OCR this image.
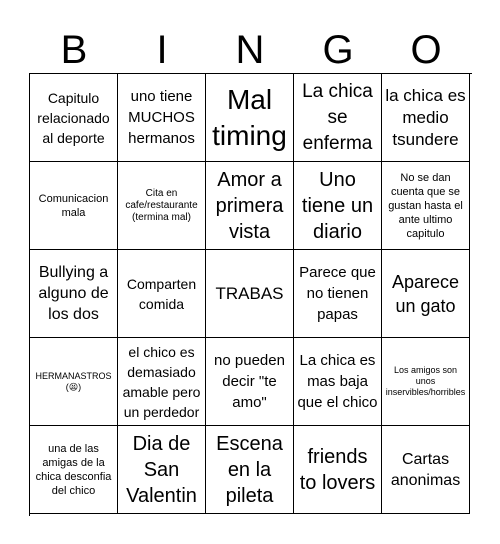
B	I	N	G	O
Capitulo relacionado al deporte
uno tiene MUCHOS hermanos
Mal timing
La chica se enferma
la chica es medio tsundere
Comunicacion mala
Cita en cafe/restaurante (termina mal)
Amor a primera vista
Uno tiene un diario
No se dan cuenta que se gustan hasta el ante ultimo capitulo
Bullying a alguno de los dos
Comparten comida
TRABAS
Parece que no tienen papas
Aparece un gato
HERMANASTROS (😫)
el chico es demasiado amable pero un perdedor
no pueden decir "te amo"
La chica es mas baja que el chico
Los amigos son unos inservibles/horribles
una de las amigas de la chica desconfia del chico
Dia de San Valentin
Escena en la pileta
friends to lovers
Cartas anonimas
